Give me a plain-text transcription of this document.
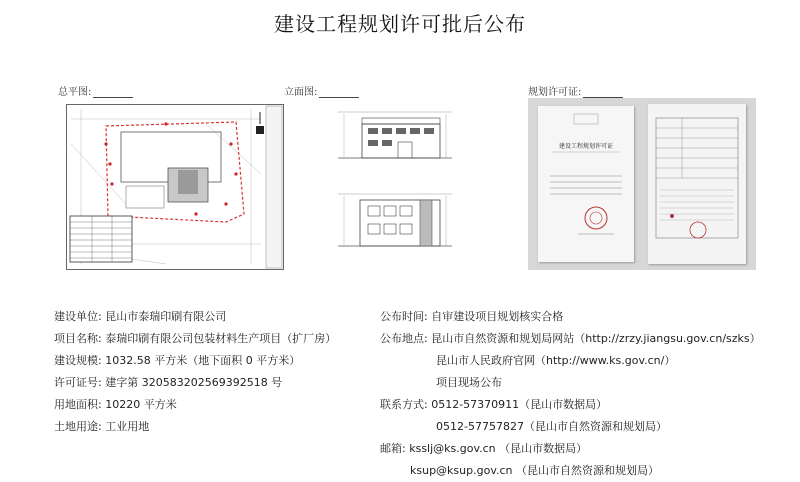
建设工程规划许可批后公布
总平图:	立面图:	规划许可证:
建设工程规划许可证
建设单位: 昆山市泰瑞印刷有限公司
项目名称: 泰瑞印刷有限公司包装材料生产项目（扩厂房）
建设规模: 1032.58 平方米（地下面积 0 平方米）
许可证号: 建字第 320583202569392518 号
用地面积: 10220 平方米
土地用途: 工业用地
公布时间: 自审建设项目规划核实合格
公布地点: 昆山市自然资源和规划局网站（http://zrzy.jiangsu.gov.cn/szks）
昆山市人民政府官网（http://www.ks.gov.cn/）
项目现场公布
联系方式: 0512-57370911（昆山市数据局）
0512-57757827（昆山市自然资源和规划局）
邮箱: ksslj@ks.gov.cn （昆山市数据局）
ksup@ksup.gov.cn （昆山市自然资源和规划局）
